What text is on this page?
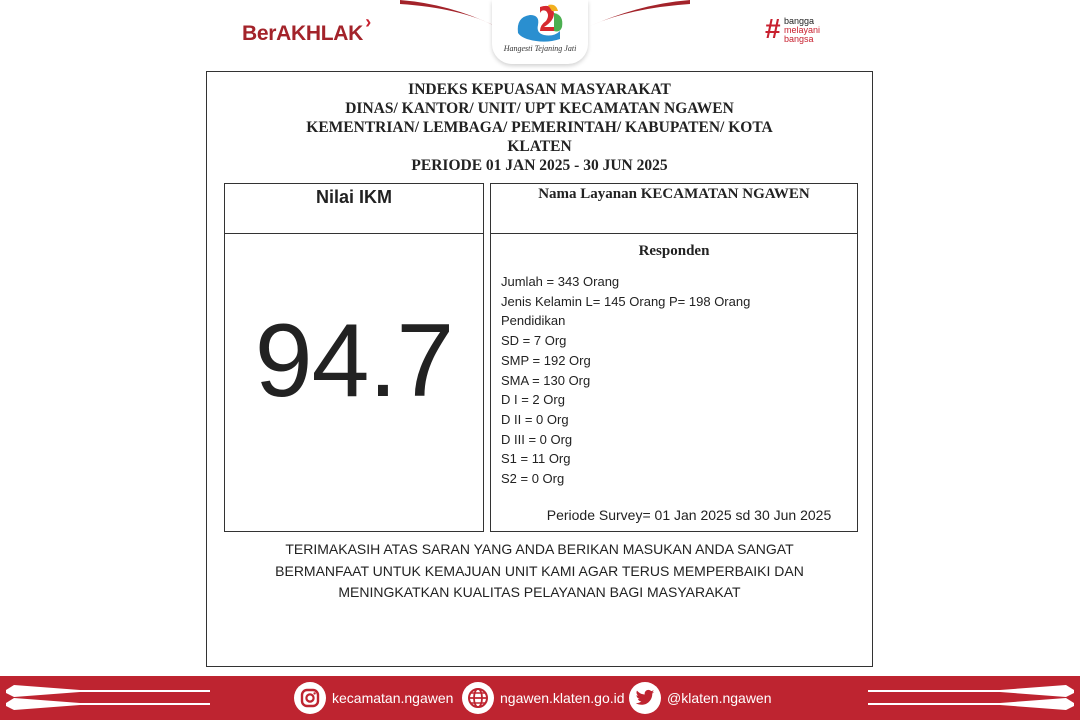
BerAKHLAK ›
Hangesti Tejaning Jati
# bangga
melayani
bangsa
INDEKS KEPUASAN MASYARAKAT
DINAS/ KANTOR/ UNIT/ UPT KECAMATAN NGAWEN
KEMENTRIAN/ LEMBAGA/ PEMERINTAH/ KABUPATEN/ KOTA
KLATEN
PERIODE 01 JAN 2025 - 30 JUN 2025
Nilai IKM
94.7
Nama Layanan KECAMATAN NGAWEN
Responden
Jumlah = 343 Orang
Jenis Kelamin L= 145 Orang P= 198 Orang
Pendidikan
SD = 7 Org
SMP = 192 Org
SMA = 130 Org
D I = 2 Org
D II = 0 Org
D III = 0 Org
S1 = 11 Org
S2 = 0 Org
Periode Survey= 01 Jan 2025 sd 30 Jun 2025
TERIMAKASIH ATAS SARAN YANG ANDA BERIKAN MASUKAN ANDA SANGAT
BERMANFAAT UNTUK KEMAJUAN UNIT KAMI AGAR TERUS MEMPERBAIKI DAN
MENINGKATKAN KUALITAS PELAYANAN BAGI MASYARAKAT
kecamatan.ngawen	ngawen.klaten.go.id	@klaten.ngawen
